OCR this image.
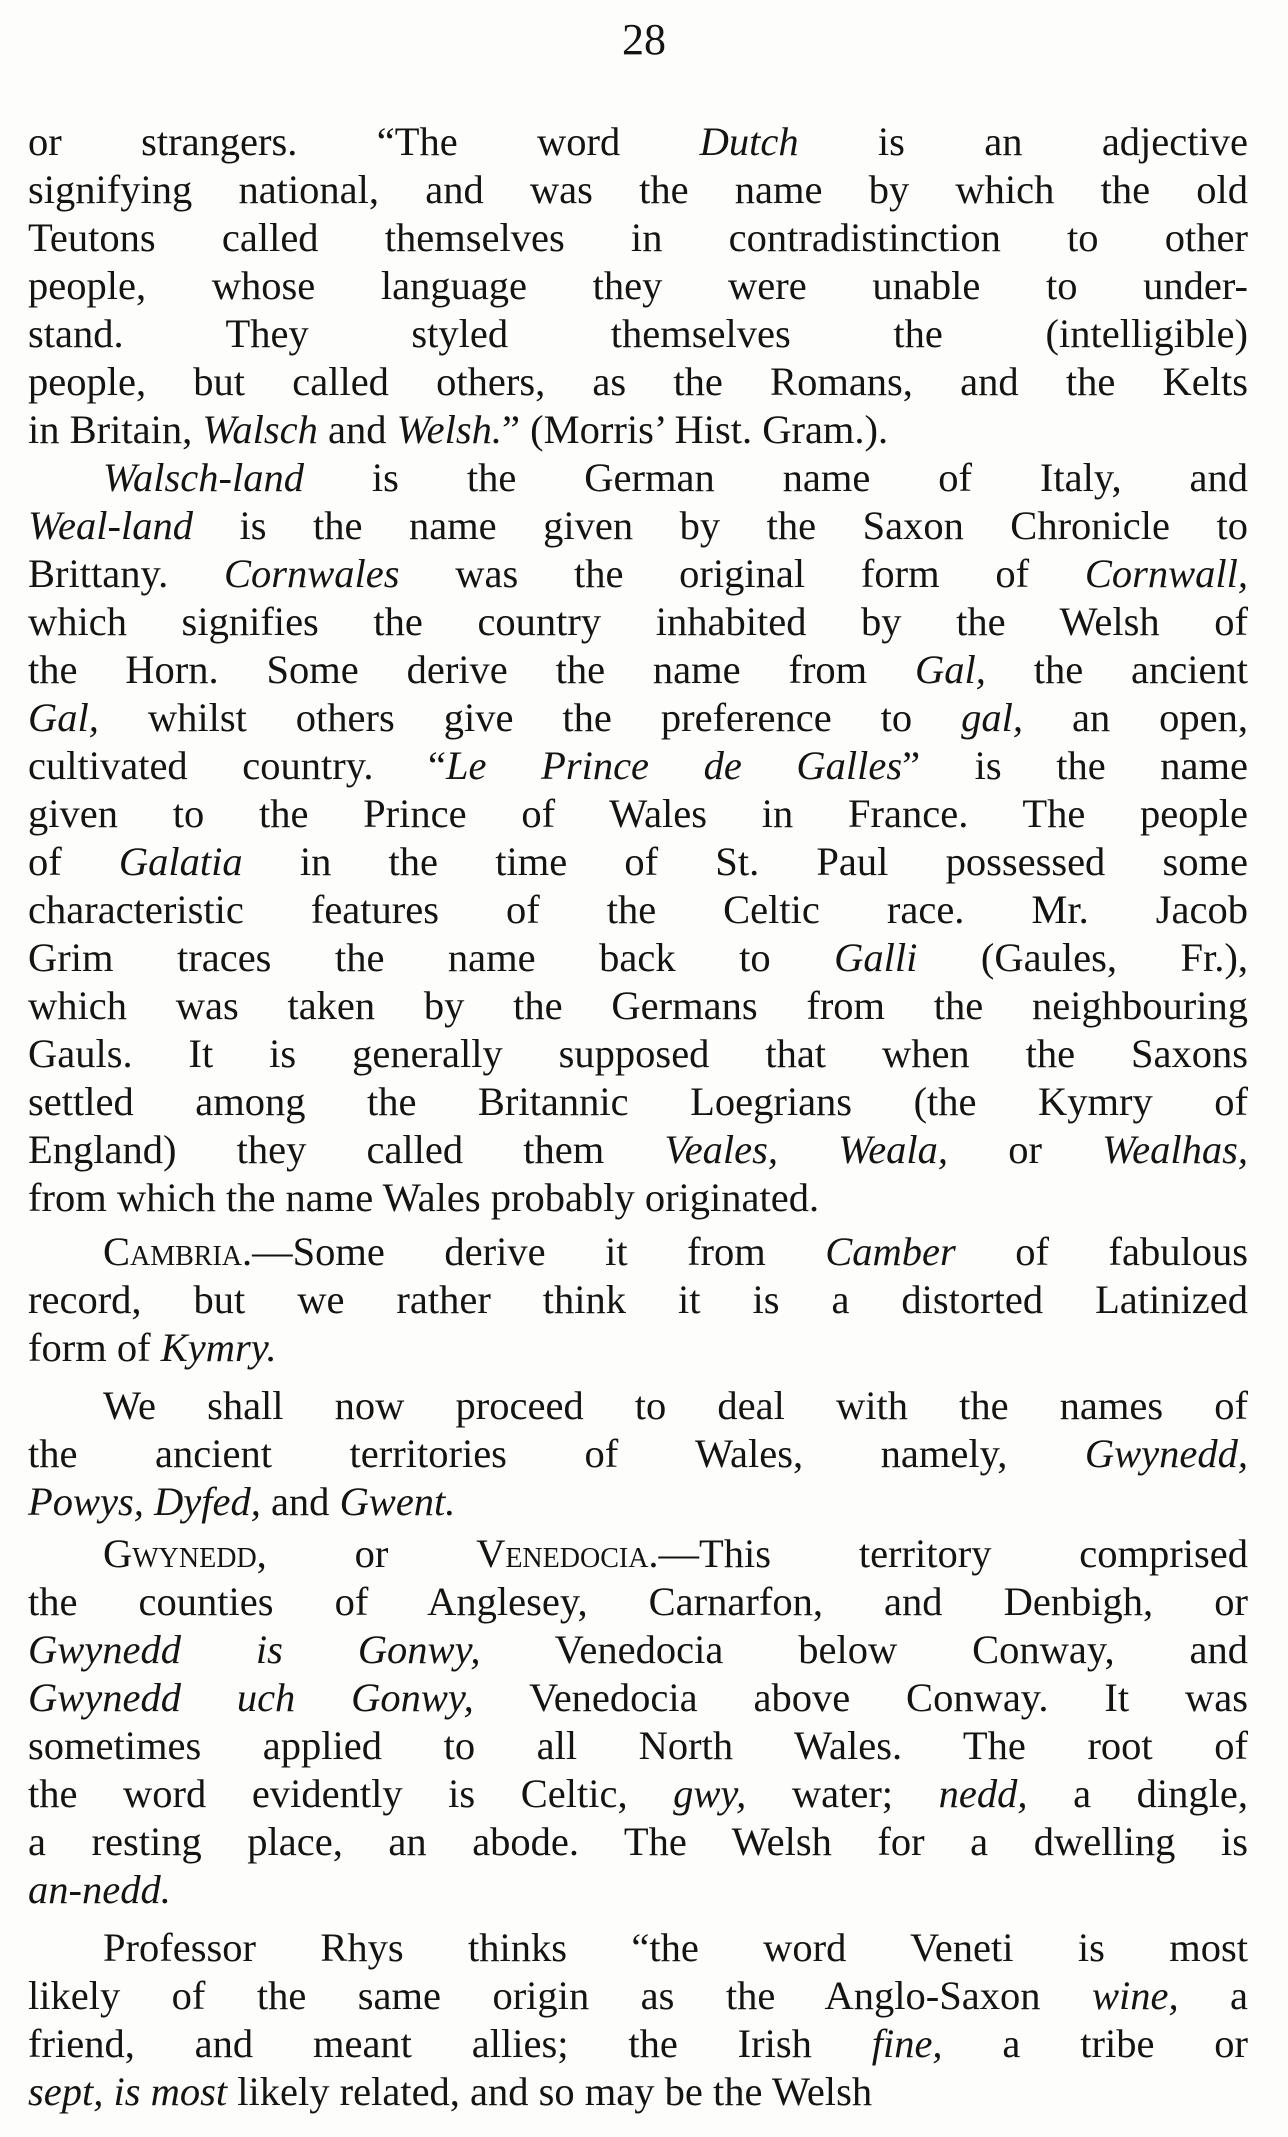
28
or strangers. “The word Dutch is an adjective
signifying national, and was the name by which the old
Teutons called themselves in contradistinction to other
people, whose language they were unable to under-
stand. They styled themselves the (intelligible)
people, but called others, as the Romans, and the Kelts
in Britain, Walsch and Welsh.” (Morris’ Hist. Gram.).
Walsch-land is the German name of Italy, and
Weal-land is the name given by the Saxon Chronicle to
Brittany. Cornwales was the original form of Cornwall,
which signifies the country inhabited by the Welsh of
the Horn. Some derive the name from Gal, the ancient
Gal, whilst others give the preference to gal, an open,
cultivated country. “Le Prince de Galles” is the name
given to the Prince of Wales in France. The people
of Galatia in the time of St. Paul possessed some
characteristic features of the Celtic race. Mr. Jacob
Grim traces the name back to Galli (Gaules, Fr.),
which was taken by the Germans from the neighbouring
Gauls. It is generally supposed that when the Saxons
settled among the Britannic Loegrians (the Kymry of
England) they called them Veales, Weala, or Wealhas,
from which the name Wales probably originated.
Cambria.—Some derive it from Camber of fabulous
record, but we rather think it is a distorted Latinized
form of Kymry.
We shall now proceed to deal with the names of
the ancient territories of Wales, namely, Gwynedd,
Powys, Dyfed, and Gwent.
Gwynedd, or Venedocia.—This territory comprised
the counties of Anglesey, Carnarfon, and Denbigh, or
Gwynedd is Gonwy, Venedocia below Conway, and
Gwynedd uch Gonwy, Venedocia above Conway. It was
sometimes applied to all North Wales. The root of
the word evidently is Celtic, gwy, water; nedd, a dingle,
a resting place, an abode. The Welsh for a dwelling is
an-nedd.
Professor Rhys thinks “the word Veneti is most
likely of the same origin as the Anglo-Saxon wine, a
friend, and meant allies; the Irish fine, a tribe or
sept, is most likely related, and so may be the Welsh
